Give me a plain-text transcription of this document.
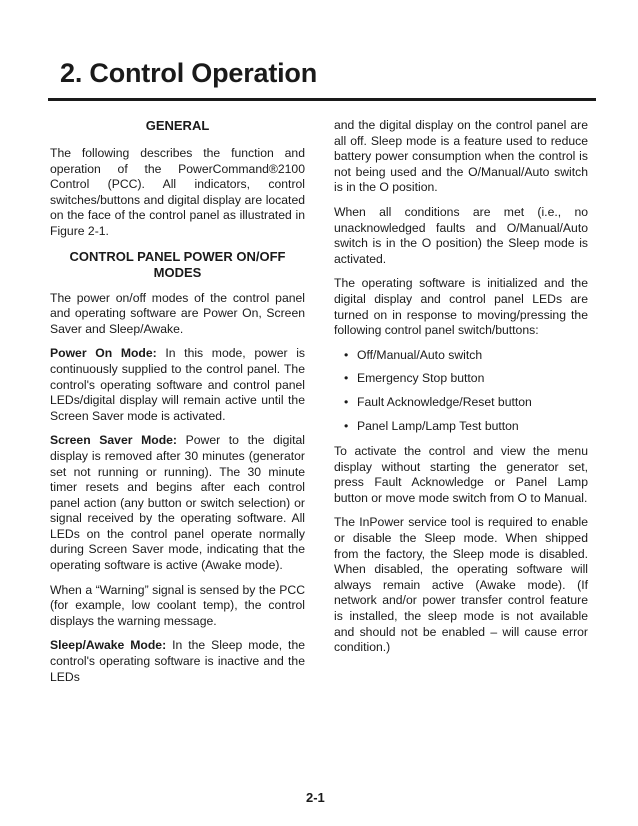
2. Control Operation
GENERAL

The following describes the function and operation of the PowerCommand®2100 Control (PCC). All indicators, control switches/buttons and digital display are located on the face of the control panel as illustrated in Figure 2-1.

CONTROL PANEL POWER ON/OFF MODES

The power on/off modes of the control panel and operating software are Power On, Screen Saver and Sleep/Awake.

Power On Mode: In this mode, power is continuously supplied to the control panel. The control's operating software and control panel LEDs/digital display will remain active until the Screen Saver mode is activated.

Screen Saver Mode: Power to the digital display is removed after 30 minutes (generator set not running or running). The 30 minute timer resets and begins after each control panel action (any button or switch selection) or signal received by the operating software. All LEDs on the control panel operate normally during Screen Saver mode, indicating that the operating software is active (Awake mode).

When a “Warning” signal is sensed by the PCC (for example, low coolant temp), the control displays the warning message.

Sleep/Awake Mode: In the Sleep mode, the control's operating software is inactive and the LEDs

and the digital display on the control panel are all off. Sleep mode is a feature used to reduce battery power consumption when the control is not being used and the O/Manual/Auto switch is in the O position.

When all conditions are met (i.e., no unacknowledged faults and O/Manual/Auto switch is in the O position) the Sleep mode is activated.

The operating software is initialized and the digital display and control panel LEDs are turned on in response to moving/pressing the following control panel switch/buttons:

• Off/Manual/Auto switch
• Emergency Stop button
• Fault Acknowledge/Reset button
• Panel Lamp/Lamp Test button

To activate the control and view the menu display without starting the generator set, press Fault Acknowledge or Panel Lamp button or move mode switch from O to Manual.

The InPower service tool is required to enable or disable the Sleep mode. When shipped from the factory, the Sleep mode is disabled. When disabled, the operating software will always remain active (Awake mode). (If network and/or power transfer control feature is installed, the sleep mode is not available and should not be enabled – will cause error condition.)

2-1
